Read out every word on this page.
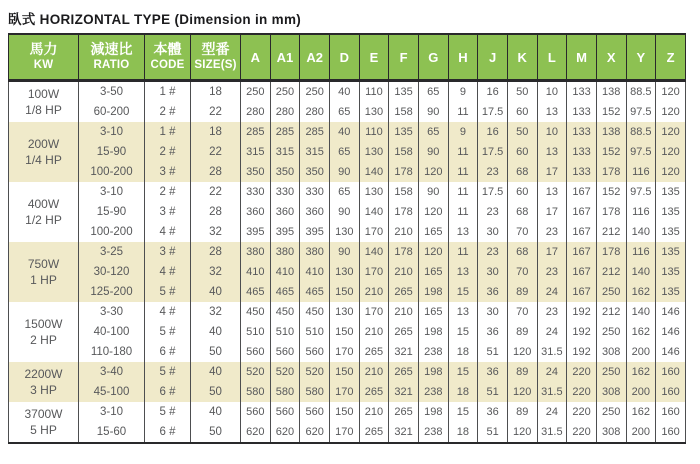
臥式 HORIZONTAL TYPE (Dimension in mm)
馬力
KW

減速比
RATIO

本體
CODE

型番
SIZE(S)
	A	A1	A2	D	E	F	G	H	J	K	L	M	X	Y	Z

100W
1/8 HP	3-50	1 #	18	250	250	250	40	110	135	65	9	16	50	10	133	138	88.5	120
	60-200	2 #	22	280	280	280	65	130	158	90	11	17.5	60	13	133	152	97.5	120

200W
1/4 HP	3-10	1 #	18	285	285	285	40	110	135	65	9	16	50	10	133	138	88.5	120
	15-90	2 #	22	315	315	315	65	130	158	90	11	17.5	60	13	133	152	97.5	120
	100-200	3 #	28	350	350	350	90	140	178	120	11	23	68	17	133	178	116	120

400W
1/2 HP	3-10	2 #	22	330	330	330	65	130	158	90	11	17.5	60	13	167	152	97.5	135
	15-90	3 #	28	360	360	360	90	140	178	120	11	23	68	17	167	178	116	135
	100-200	4 #	32	395	395	395	130	170	210	165	13	30	70	23	167	212	140	135

750W
1 HP	3-25	3 #	28	380	380	380	90	140	178	120	11	23	68	17	167	178	116	135
	30-120	4 #	32	410	410	410	130	170	210	165	13	30	70	23	167	212	140	135
	125-200	5 #	40	465	465	465	150	210	265	198	15	36	89	24	167	250	162	135

1500W
2 HP	3-30	4 #	32	450	450	450	130	170	210	165	13	30	70	23	192	212	140	146
	40-100	5 #	40	510	510	510	150	210	265	198	15	36	89	24	192	250	162	146
	110-180	6 #	50	560	560	560	170	265	321	238	18	51	120	31.5	192	308	200	146

2200W
3 HP	3-40	5 #	40	520	520	520	150	210	265	198	15	36	89	24	220	250	162	160
	45-100	6 #	50	580	580	580	170	265	321	238	18	51	120	31.5	220	308	200	160

3700W
5 HP	3-10	5 #	40	560	560	560	150	210	265	198	15	36	89	24	220	250	162	160
	15-60	6 #	50	620	620	620	170	265	321	238	18	51	120	31.5	220	308	200	160
